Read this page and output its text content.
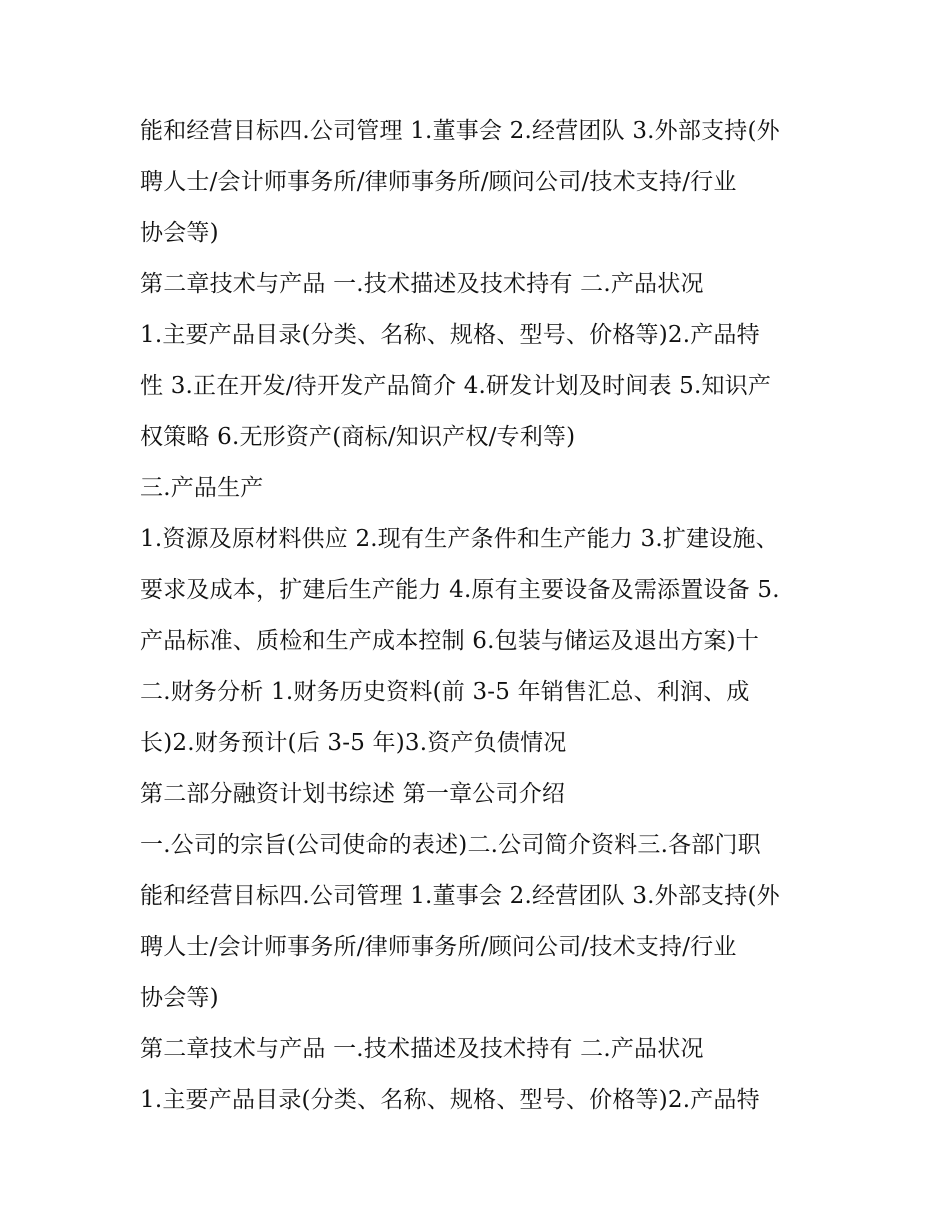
能和经营目标四.公司管理 1.董事会 2.经营团队 3.外部支持(外
聘人士/会计师事务所/律师事务所/顾问公司/技术支持/行业
协会等)
第二章技术与产品 一.技术描述及技术持有 二.产品状况
1.主要产品目录(分类、名称、规格、型号、价格等)2.产品特
性 3.正在开发/待开发产品简介 4.研发计划及时间表 5.知识产
权策略 6.无形资产(商标/知识产权/专利等)
三.产品生产
1.资源及原材料供应 2.现有生产条件和生产能力 3.扩建设施、
要求及成本，扩建后生产能力 4.原有主要设备及需添置设备 5.
产品标准、质检和生产成本控制 6.包装与储运及退出方案)十
二.财务分析 1.财务历史资料(前 3-5 年销售汇总、利润、成
长)2.财务预计(后 3-5 年)3.资产负债情况
第二部分融资计划书综述 第一章公司介绍
一.公司的宗旨(公司使命的表述)二.公司简介资料三.各部门职
能和经营目标四.公司管理 1.董事会 2.经营团队 3.外部支持(外
聘人士/会计师事务所/律师事务所/顾问公司/技术支持/行业
协会等)
第二章技术与产品 一.技术描述及技术持有 二.产品状况
1.主要产品目录(分类、名称、规格、型号、价格等)2.产品特
